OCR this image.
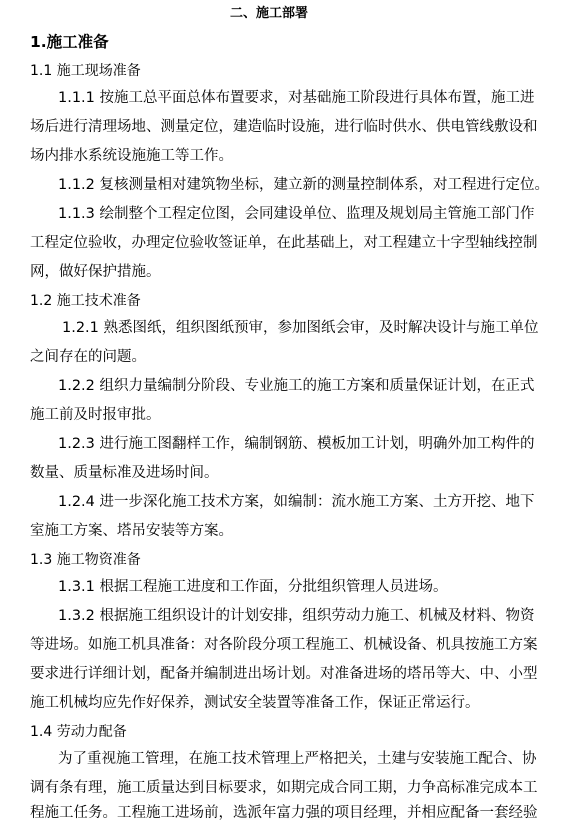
二、施工部署
1.施工准备
1.1 施工现场准备
1.1.1 按施工总平面总体布置要求，对基础施工阶段进行具体布置，施工进
场后进行清理场地、测量定位，建造临时设施，进行临时供水、供电管线敷设和
场内排水系统设施施工等工作。
1.1.2 复核测量相对建筑物坐标，建立新的测量控制体系，对工程进行定位。
1.1.3 绘制整个工程定位图，会同建设单位、监理及规划局主管施工部门作
工程定位验收，办理定位验收签证单，在此基础上，对工程建立十字型轴线控制
网，做好保护措施。
1.2 施工技术准备
1.2.1 熟悉图纸，组织图纸预审，参加图纸会审，及时解决设计与施工单位
之间存在的问题。
1.2.2 组织力量编制分阶段、专业施工的施工方案和质量保证计划，在正式
施工前及时报审批。
1.2.3 进行施工图翻样工作，编制钢筋、模板加工计划，明确外加工构件的
数量、质量标准及进场时间。
1.2.4 进一步深化施工技术方案，如编制：流水施工方案、土方开挖、地下
室施工方案、塔吊安装等方案。
1.3 施工物资准备
1.3.1 根据工程施工进度和工作面，分批组织管理人员进场。
1.3.2 根据施工组织设计的计划安排，组织劳动力施工、机械及材料、物资
等进场。如施工机具准备：对各阶段分项工程施工、机械设备、机具按施工方案
要求进行详细计划，配备并编制进出场计划。对准备进场的塔吊等大、中、小型
施工机械均应先作好保养，测试安全装置等准备工作，保证正常运行。
1.4 劳动力配备
为了重视施工管理，在施工技术管理上严格把关，土建与安装施工配合、协
调有条有理，施工质量达到目标要求，如期完成合同工期，力争高标准完成本工
程施工任务。工程施工进场前，选派年富力强的项目经理，并相应配备一套经验
